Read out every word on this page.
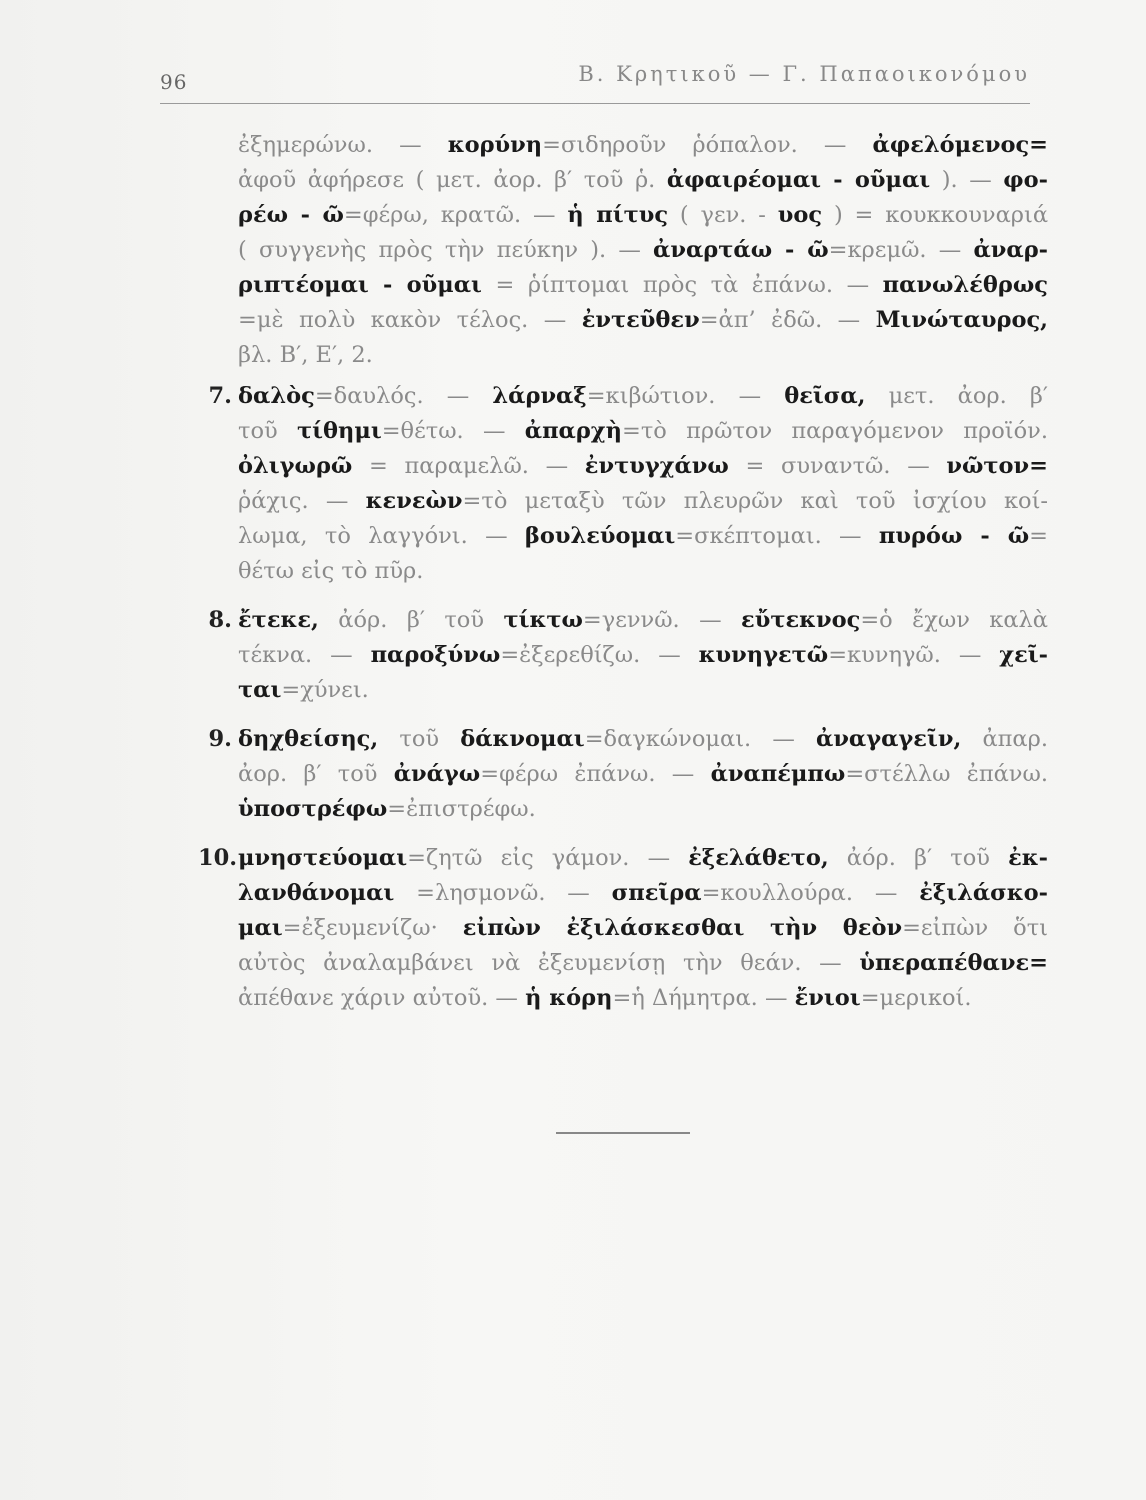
96	Β. Κρητικοῦ — Γ. Παπαοικονόμου
ἐξημερώνω. — κορύνη=σιδηροῦν ῥόπαλον. — ἀφελόμενος=
ἀφοῦ ἀφήρεσε ( μετ. ἀορ. β′ τοῦ ῥ. ἀφαιρέομαι - οῦμαι ). — φο-
ρέω - ῶ=φέρω, κρατῶ. — ἡ πίτυς ( γεν. - υος ) = κουκκουναριά
( συγγενὴς πρὸς τὴν πεύκην ). — ἀναρτάω - ῶ=κρεμῶ. — ἀναρ-
ριπτέομαι - οῦμαι = ῥίπτομαι πρὸς τὰ ἐπάνω. — πανωλέθρως
=μὲ πολὺ κακὸν τέλος. — ἐντεῦθεν=ἀπ’ ἐδῶ. — Μινώταυρος,
βλ. Β′, Ε′, 2.
7. δαλὸς=δαυλός. — λάρναξ=κιβώτιον. — θεῖσα, μετ. ἀορ. β′
τοῦ τίθημι=θέτω. — ἀπαρχὴ=τὸ πρῶτον παραγόμενον προϊόν.
ὀλιγωρῶ = παραμελῶ. — ἐντυγχάνω = συναντῶ. — νῶτον=
ῥάχις. — κενεὼν=τὸ μεταξὺ τῶν πλευρῶν καὶ τοῦ ἰσχίου κοί-
λωμα, τὸ λαγγόνι. — βουλεύομαι=σκέπτομαι. — πυρόω - ῶ=
θέτω εἰς τὸ πῦρ.
8. ἔτεκε, ἀόρ. β′ τοῦ τίκτω=γεννῶ. — εὔτεκνος=ὁ ἔχων καλὰ
τέκνα. — παροξύνω=ἐξερεθίζω. — κυνηγετῶ=κυνηγῶ. — χεῖ-
ται=χύνει.
9. δηχθείσης, τοῦ δάκνομαι=δαγκώνομαι. — ἀναγαγεῖν, ἀπαρ.
ἀορ. β′ τοῦ ἀνάγω=φέρω ἐπάνω. — ἀναπέμπω=στέλλω ἐπάνω.
ὑποστρέφω=ἐπιστρέφω.
10. μνηστεύομαι=ζητῶ εἰς γάμον. — ἐξελάθετο, ἀόρ. β′ τοῦ ἐκ-
λανθάνομαι =λησμονῶ. — σπεῖρα=κουλλούρα. — ἐξιλάσκο-
μαι=ἐξευμενίζω· εἰπὼν ἐξιλάσκεσθαι τὴν θεὸν=εἰπὼν ὅτι
αὐτὸς ἀναλαμβάνει νὰ ἐξευμενίσῃ τὴν θεάν. — ὑπεραπέθανε=
ἀπέθανε χάριν αὐτοῦ. — ἡ κόρη=ἡ Δήμητρα. — ἔνιοι=μερικοί.
